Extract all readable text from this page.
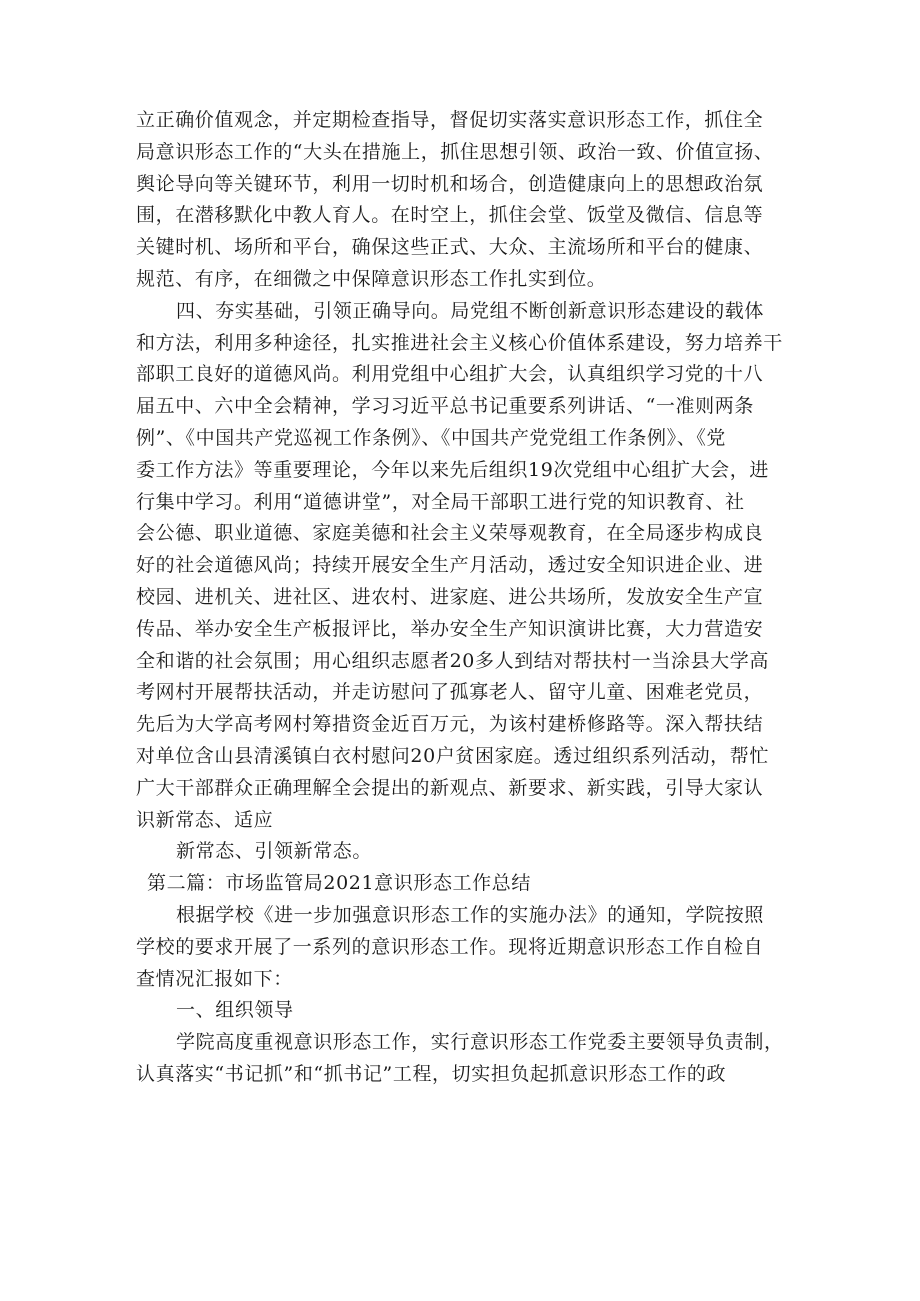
立正确价值观念，并定期检查指导，督促切实落实意识形态工作，抓住全
局意识形态工作的“大头在措施上，抓住思想引领、政治一致、价值宣扬、
舆论导向等关键环节，利用一切时机和场合，创造健康向上的思想政治氛
围，在潜移默化中教人育人。在时空上，抓住会堂、饭堂及微信、信息等
关键时机、场所和平台，确保这些正式、大众、主流场所和平台的健康、
规范、有序，在细微之中保障意识形态工作扎实到位。
四、夯实基础，引领正确导向。局党组不断创新意识形态建设的载体
和方法，利用多种途径，扎实推进社会主义核心价值体系建设，努力培养干
部职工良好的道德风尚。利用党组中心组扩大会，认真组织学习党的十八
届五中、六中全会精神，学习习近平总书记重要系列讲话、“一准则两条
例”、《中国共产党巡视工作条例》、《中国共产党党组工作条例》、《党
委工作方法》等重要理论，今年以来先后组织19次党组中心组扩大会，进
行集中学习。利用“道德讲堂”，对全局干部职工进行党的知识教育、社
会公德、职业道德、家庭美德和社会主义荣辱观教育，在全局逐步构成良
好的社会道德风尚；持续开展安全生产月活动，透过安全知识进企业、进
校园、进机关、进社区、进农村、进家庭、进公共场所，发放安全生产宣
传品、举办安全生产板报评比，举办安全生产知识演讲比赛，大力营造安
全和谐的社会氛围；用心组织志愿者20多人到结对帮扶村一当涂县大学高
考网村开展帮扶活动，并走访慰问了孤寡老人、留守儿童、困难老党员，
先后为大学高考网村筹措资金近百万元，为该村建桥修路等。深入帮扶结
对单位含山县清溪镇白衣村慰问20户贫困家庭。透过组织系列活动，帮忙
广大干部群众正确理解全会提出的新观点、新要求、新实践，引导大家认
识新常态、适应
新常态、引领新常态。
第二篇：市场监管局2021意识形态工作总结
根据学校《进一步加强意识形态工作的实施办法》的通知，学院按照
学校的要求开展了一系列的意识形态工作。现将近期意识形态工作自检自
查情况汇报如下：
一、组织领导
学院高度重视意识形态工作，实行意识形态工作党委主要领导负责制，
认真落实“书记抓”和“抓书记”工程，切实担负起抓意识形态工作的政
